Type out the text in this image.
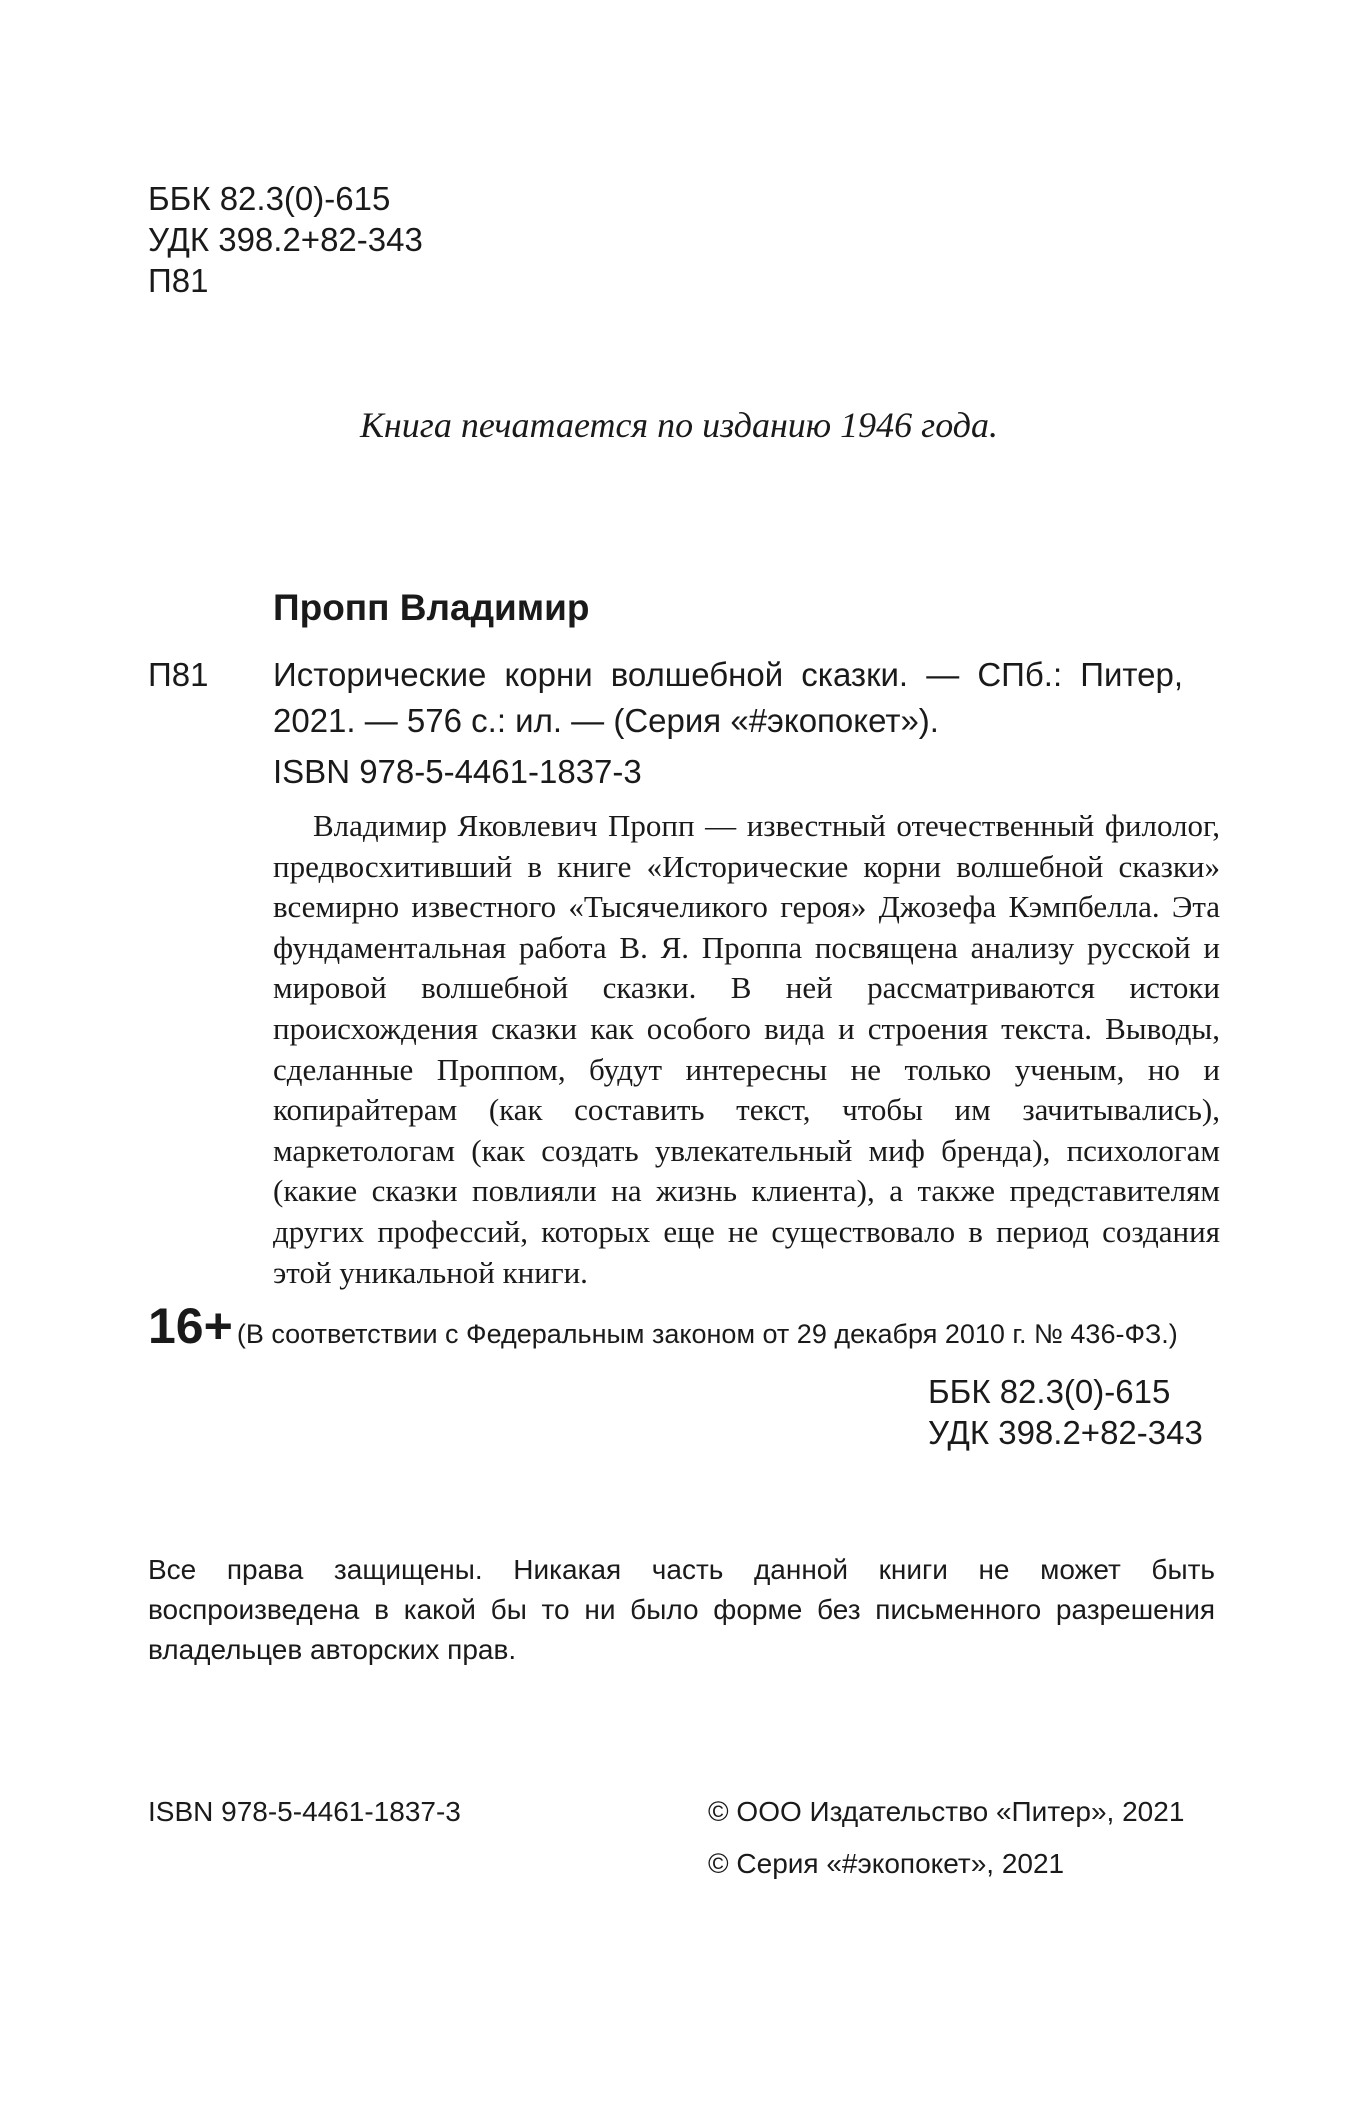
ББК 82.3(0)-615
УДК 398.2+82-343
П81
Книга печатается по изданию 1946 года.
Пропп Владимир
П81 Исторические корни волшебной сказки. — СПб.: Питер, 2021. — 576 с.: ил. — (Серия «#экопокет»).
ISBN 978-5-4461-1837-3
Владимир Яковлевич Пропп — известный отечественный филолог, предвосхитивший в книге «Исторические корни волшебной сказки» всемирно известного «Тысячеликого героя» Джозефа Кэмпбелла. Эта фундаментальная работа В. Я. Проппа посвящена анализу русской и мировой волшебной сказки. В ней рассматриваются истоки происхождения сказки как особого вида и строения текста. Выводы, сделанные Проппом, будут интересны не только ученым, но и копирайтерам (как составить текст, чтобы им зачитывались), маркетологам (как создать увлекательный миф бренда), психологам (какие сказки повлияли на жизнь клиента), а также представителям других профессий, которых еще не существовало в период создания этой уникальной книги.
16+ (В соответствии с Федеральным законом от 29 декабря 2010 г. № 436-ФЗ.)
ББК 82.3(0)-615
УДК 398.2+82-343
Все права защищены. Никакая часть данной книги не может быть воспроизведена в какой бы то ни было форме без письменного разрешения владельцев авторских прав.
ISBN 978-5-4461-1837-3	© ООО Издательство «Питер», 2021
© Серия «#экопокет», 2021
